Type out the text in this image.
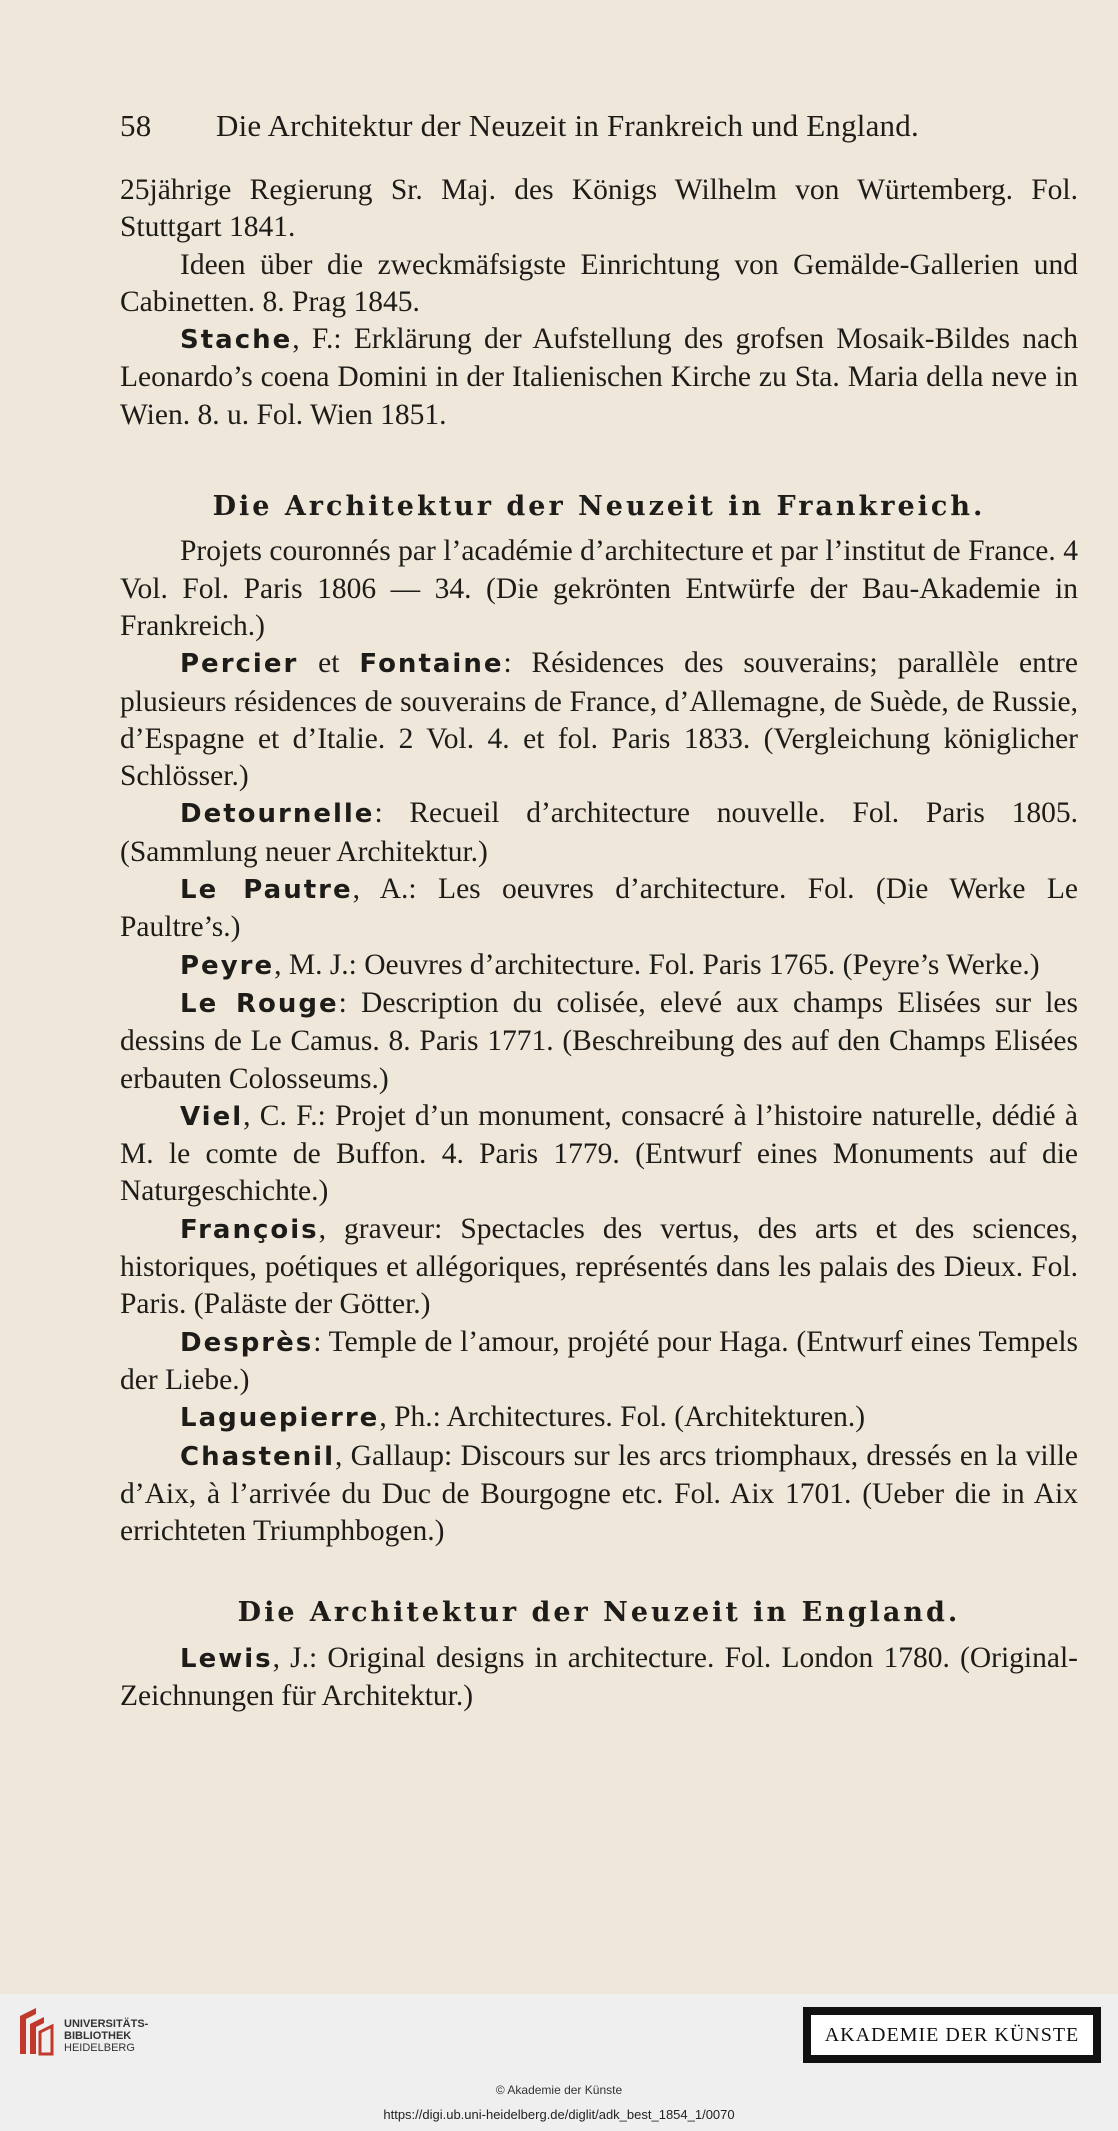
58 Die Architektur der Neuzeit in Frankreich und England.

25jährige Regierung Sr. Maj. des Königs Wilhelm von Würtemberg. Fol. Stuttgart 1841.

Ideen über die zweckmäfsigste Einrichtung von Gemälde-Gallerien und Cabinetten. 8. Prag 1845.

Stache, F.: Erklärung der Aufstellung des grofsen Mosaik-Bildes nach Leonardo’s coena Domini in der Italienischen Kirche zu Sta. Maria della neve in Wien. 8. u. Fol. Wien 1851.

Die Architektur der Neuzeit in Frankreich.

Projets couronnés par l’académie d’architecture et par l’institut de France. 4 Vol. Fol. Paris 1806 — 34. (Die gekrönten Entwürfe der Bau-Akademie in Frankreich.)

Percier et Fontaine: Résidences des souverains; parallèle entre plusieurs résidences de souverains de France, d’Allemagne, de Suède, de Russie, d’Espagne et d’Italie. 2 Vol. 4. et fol. Paris 1833. (Vergleichung königlicher Schlösser.)

Detournelle: Recueil d’architecture nouvelle. Fol. Paris 1805. (Sammlung neuer Architektur.)

Le Pautre, A.: Les oeuvres d’architecture. Fol. (Die Werke Le Paultre’s.)

Peyre, M. J.: Oeuvres d’architecture. Fol. Paris 1765. (Peyre’s Werke.)

Le Rouge: Description du colisée, elevé aux champs Elisées sur les dessins de Le Camus. 8. Paris 1771. (Beschreibung des auf den Champs Elisées erbauten Colosseums.)

Viel, C. F.: Projet d’un monument, consacré à l’histoire naturelle, dédié à M. le comte de Buffon. 4. Paris 1779. (Entwurf eines Monuments auf die Naturgeschichte.)

François, graveur: Spectacles des vertus, des arts et des sciences, historiques, poétiques et allégoriques, représentés dans les palais des Dieux. Fol. Paris. (Paläste der Götter.)

Desprès: Temple de l’amour, projété pour Haga. (Entwurf eines Tempels der Liebe.)

Laguepierre, Ph.: Architectures. Fol. (Architekturen.)

Chastenil, Gallaup: Discours sur les arcs triomphaux, dressés en la ville d’Aix, à l’arrivée du Duc de Bourgogne etc. Fol. Aix 1701. (Ueber die in Aix errichteten Triumphbogen.)

Die Architektur der Neuzeit in England.

Lewis, J.: Original designs in architecture. Fol. London 1780. (Original-Zeichnungen für Architektur.)

UNIVERSITÄTS-
BIBLIOTHEK
HEIDELBERG
AKADEMIE DER KÜNSTE
© Akademie der Künste
https://digi.ub.uni-heidelberg.de/diglit/adk_best_1854_1/0070
